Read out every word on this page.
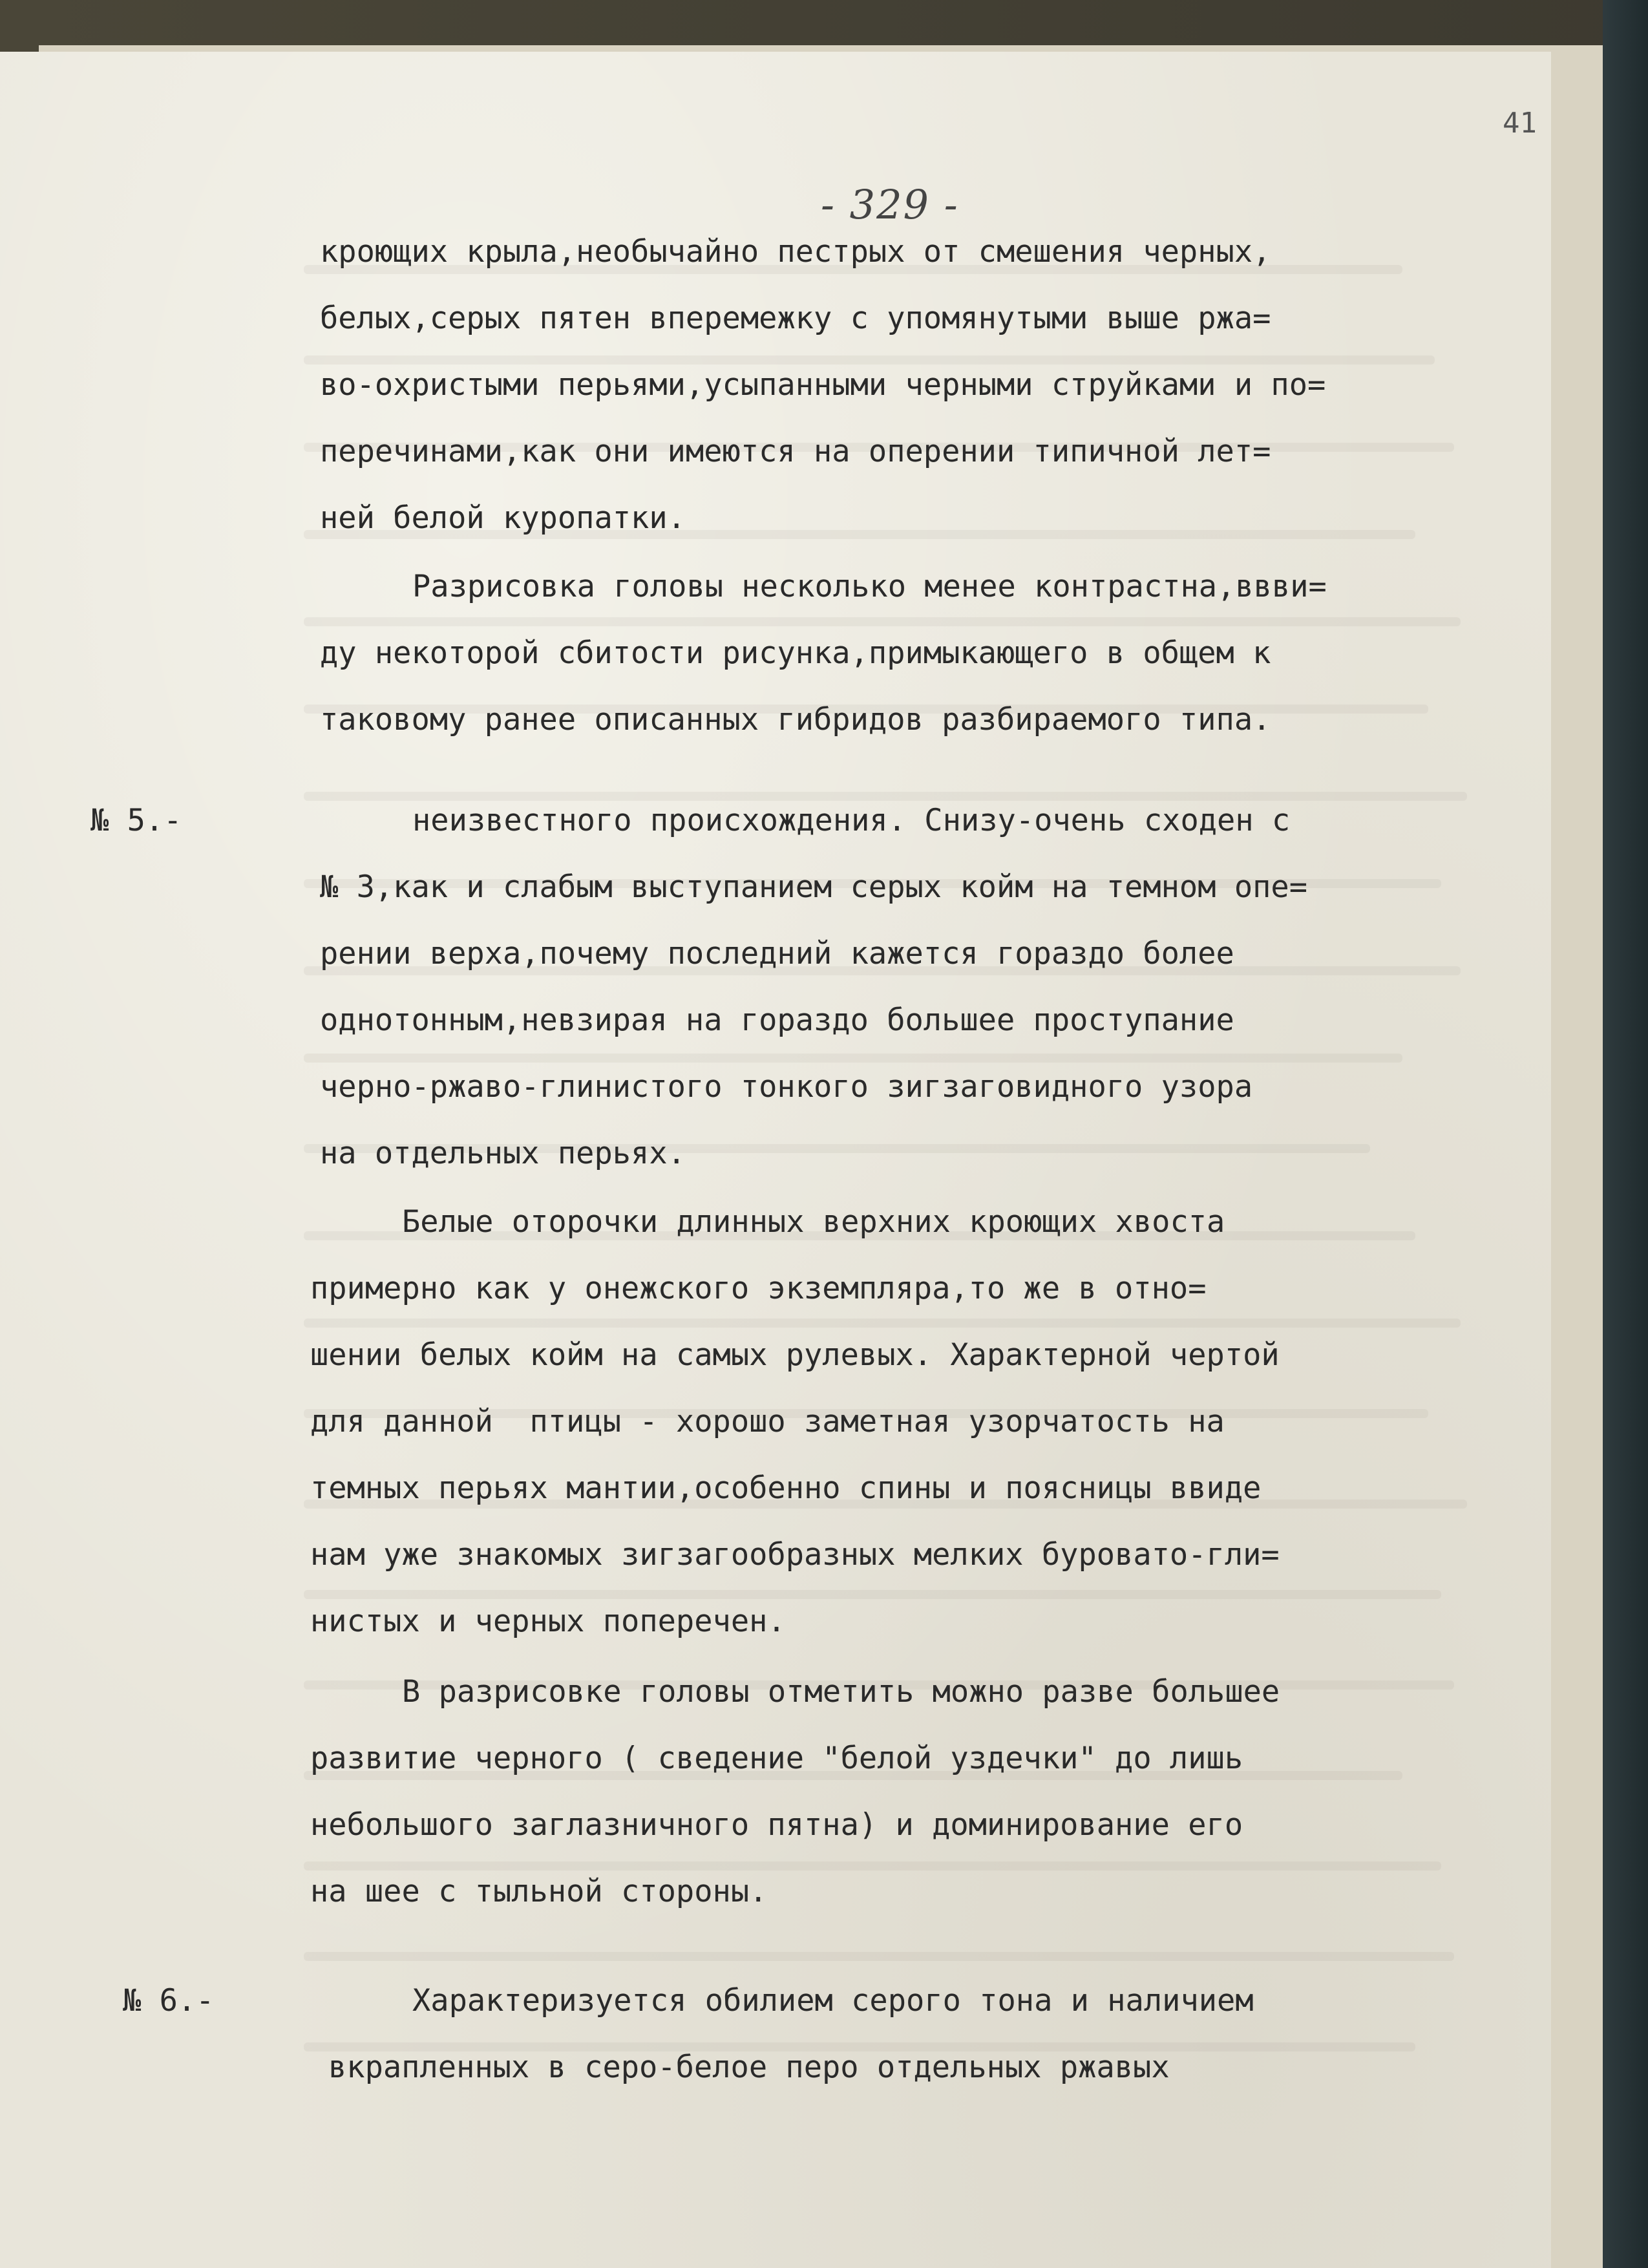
41
- 329 -
№ 5.-
№ 6.-
кроющих крыла,необычайно пестрых от смешения черных,
белых,серых пятен вперемежку с упомянутыми выше ржа=
во-охристыми перьями,усыпанными черными струйками и по=
перечинами,как они имеются на оперении типичной лет=
ней белой куропатки.
Разрисовка головы несколько менее контрастна,ввви=
ду некоторой сбитости рисунка,примыкающего в общем к
таковому ранее описанных гибридов разбираемого типа.
неизвестного происхождения. Снизу-очень сходен с
№ 3,как и слабым выступанием серых койм на темном опе=
рении верха,почему последний кажется гораздо более
однотонным,невзирая на гораздо большее проступание
черно-ржаво-глинистого тонкого зигзаговидного узора
на отдельных перьях.
Белые оторочки длинных верхних кроющих хвоста
примерно как у онежского экземпляра,то же в отно=
шении белых койм на самых рулевых. Характерной чертой
для данной  птицы - хорошо заметная узорчатость на
темных перьях мантии,особенно спины и поясницы ввиде
нам уже знакомых зигзагообразных мелких буровато-гли=
нистых и черных поперечен.
В разрисовке головы отметить можно разве большее
развитие черного ( сведение "белой уздечки" до лишь
небольшого заглазничного пятна) и доминирование его
на шее с тыльной стороны.
Характеризуется обилием серого тона и наличием
вкрапленных в серо-белое перо отдельных ржавых
